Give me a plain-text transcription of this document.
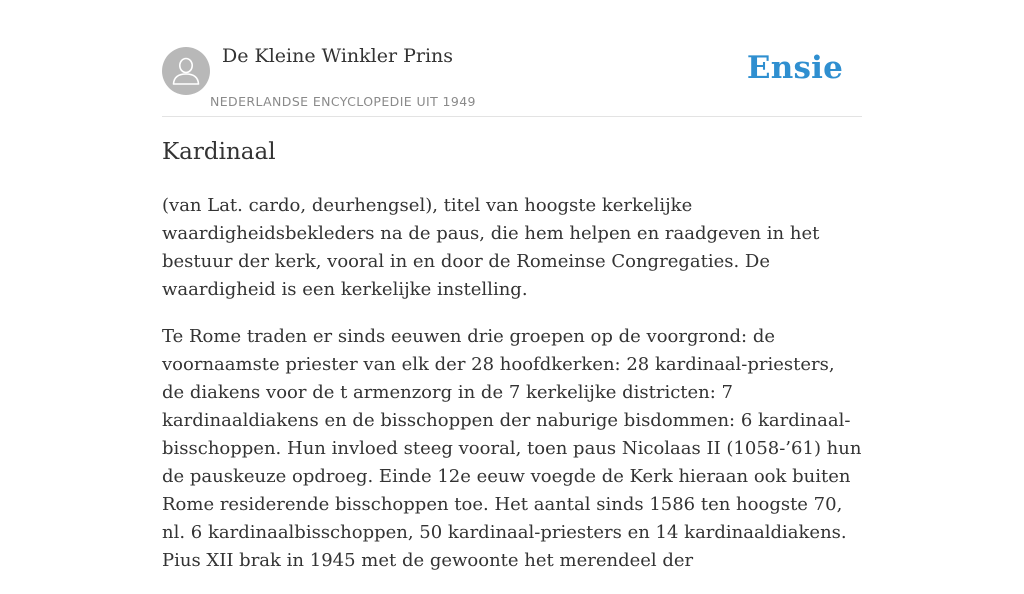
De Kleine Winkler Prins
NEDERLANDSE ENCYCLOPEDIE UIT 1949
Ensie
Kardinaal

(van Lat. cardo, deurhengsel), titel van hoogste kerkelijke waardigheidsbekleders na de paus, die hem helpen en raadgeven in het bestuur der kerk, vooral in en door de Romeinse Congregaties. De waardigheid is een kerkelijke instelling.

Te Rome traden er sinds eeuwen drie groepen op de voorgrond: de voornaamste priester van elk der 28 hoofdkerken: 28 kardinaal-priesters, de diakens voor de t armenzorg in de 7 kerkelijke districten: 7 kardinaaldiakens en de bisschoppen der naburige bisdommen: 6 kardinaal-bisschoppen. Hun invloed steeg vooral, toen paus Nicolaas II (1058-’61) hun de pauskeuze opdroeg. Einde 12e eeuw voegde de Kerk hieraan ook buiten Rome residerende bisschoppen toe. Het aantal sinds 1586 ten hoogste 70, nl. 6 kardinaalbisschoppen, 50 kardinaal-priesters en 14 kardinaaldiakens. Pius XII brak in 1945 met de gewoonte het merendeel der
